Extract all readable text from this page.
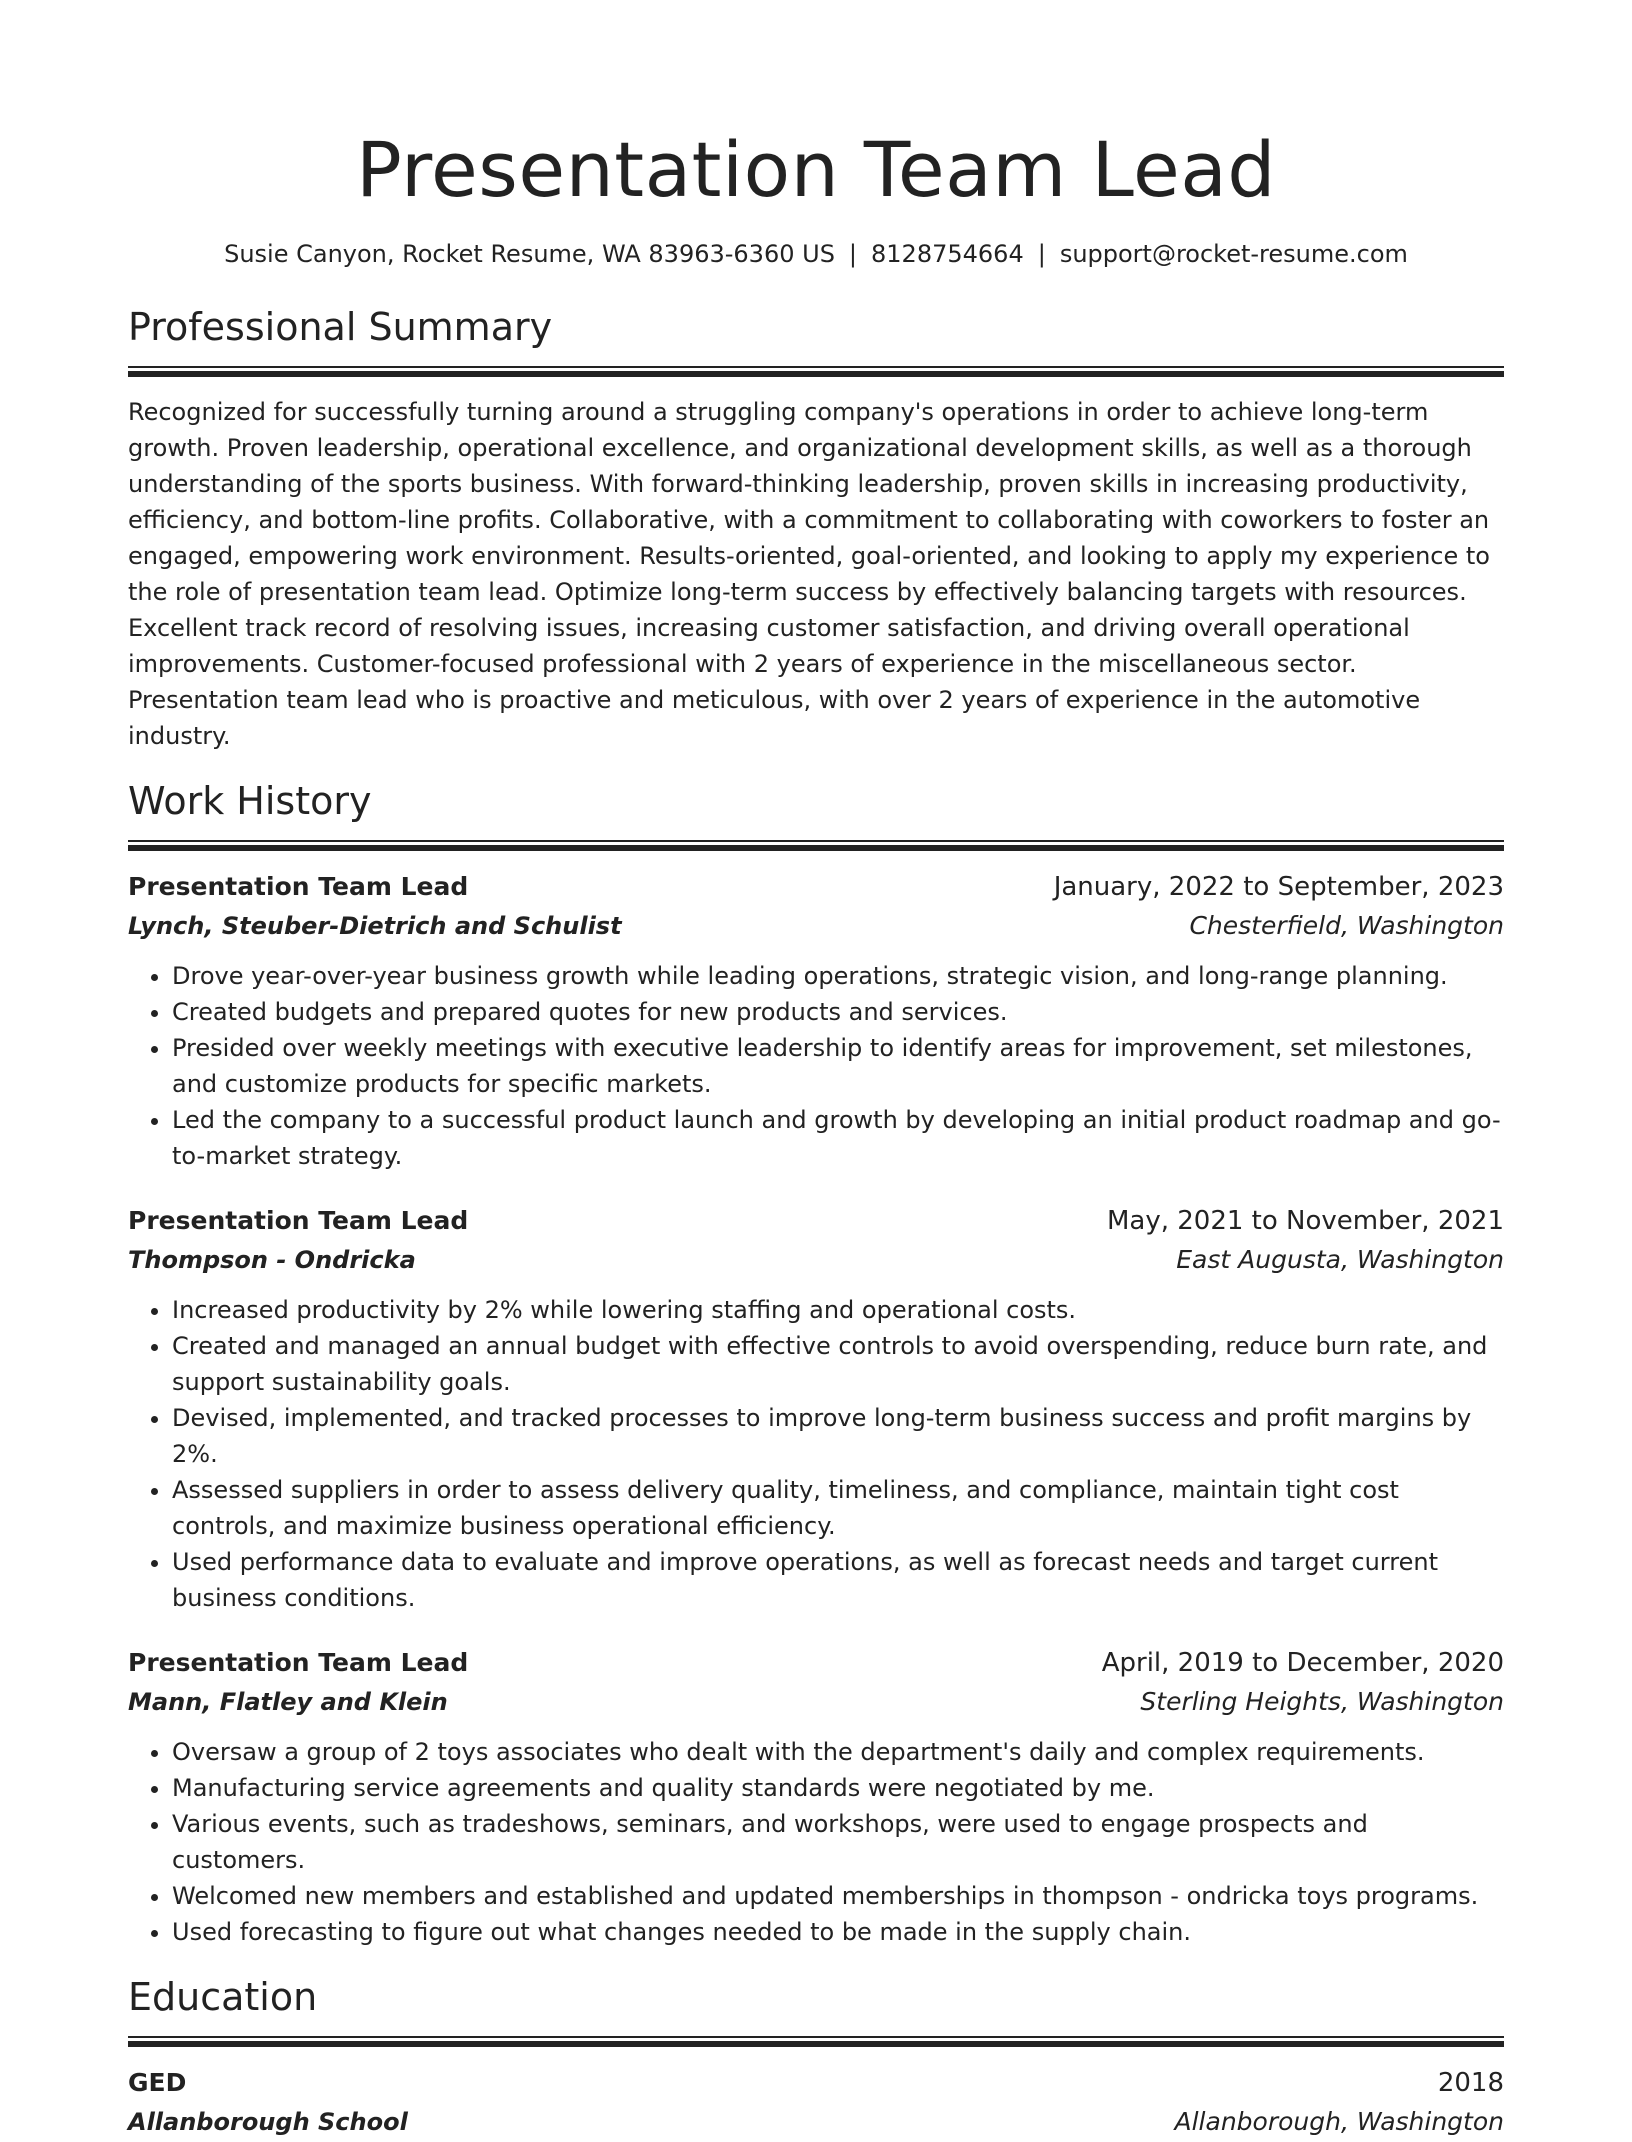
Presentation Team Lead
Susie Canyon, Rocket Resume, WA 83963-6360 US | 8128754664 | support@rocket-resume.com
Professional Summary

Recognized for successfully turning around a struggling company's operations in order to achieve long-term growth. Proven leadership, operational excellence, and organizational development skills, as well as a thorough understanding of the sports business. With forward-thinking leadership, proven skills in increasing productivity, efficiency, and bottom-line profits. Collaborative, with a commitment to collaborating with coworkers to foster an engaged, empowering work environment. Results-oriented, goal-oriented, and looking to apply my experience to the role of presentation team lead. Optimize long-term success by effectively balancing targets with resources. Excellent track record of resolving issues, increasing customer satisfaction, and driving overall operational improvements. Customer-focused professional with 2 years of experience in the miscellaneous sector. Presentation team lead who is proactive and meticulous, with over 2 years of experience in the automotive industry.

Work History
Presentation Team Lead	January, 2022 to September, 2023
Lynch, Steuber-Dietrich and Schulist	Chesterfield, Washington
• Drove year-over-year business growth while leading operations, strategic vision, and long-range planning.
• Created budgets and prepared quotes for new products and services.
• Presided over weekly meetings with executive leadership to identify areas for improvement, set milestones, and customize products for specific markets.
• Led the company to a successful product launch and growth by developing an initial product roadmap and go-to-market strategy.
Presentation Team Lead	May, 2021 to November, 2021
Thompson - Ondricka	East Augusta, Washington
• Increased productivity by 2% while lowering staffing and operational costs.
• Created and managed an annual budget with effective controls to avoid overspending, reduce burn rate, and support sustainability goals.
• Devised, implemented, and tracked processes to improve long-term business success and profit margins by 2%.
• Assessed suppliers in order to assess delivery quality, timeliness, and compliance, maintain tight cost controls, and maximize business operational efficiency.
• Used performance data to evaluate and improve operations, as well as forecast needs and target current business conditions.
Presentation Team Lead	April, 2019 to December, 2020
Mann, Flatley and Klein	Sterling Heights, Washington
• Oversaw a group of 2 toys associates who dealt with the department's daily and complex requirements.
• Manufacturing service agreements and quality standards were negotiated by me.
• Various events, such as tradeshows, seminars, and workshops, were used to engage prospects and customers.
• Welcomed new members and established and updated memberships in thompson - ondricka toys programs.
• Used forecasting to figure out what changes needed to be made in the supply chain.
Education
GED	2018
Allanborough School	Allanborough, Washington
